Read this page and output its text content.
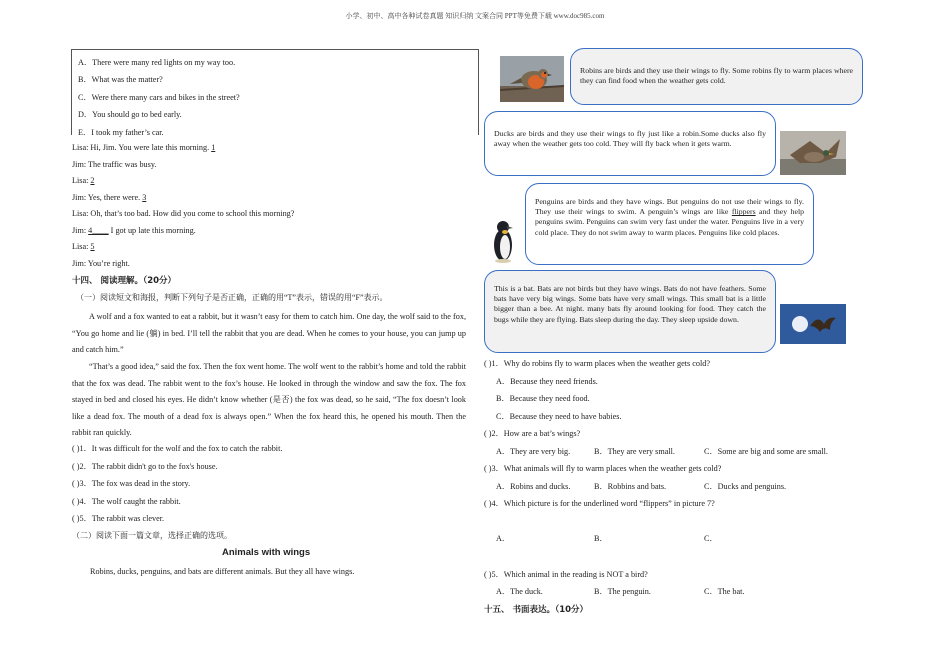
小学、初中、高中各种试卷真题 知识归纳 文案合同 PPT等免费下载 www.doc985.com
A．There were many red lights on my way too.
B．What was the matter?
C．Were there many cars and bikes in the street?
D．You should go to bed early.
E．I took my father’s car.
Lisa: Hi, Jim. You were late this morning. 1
Jim: The traffic was busy.
Lisa: 2
Jim: Yes, there were. 3
Lisa: Oh, that’s too bad. How did you come to school this morning?
Jim: 4____ I got up late this morning.
Lisa: 5
Jim: You’re right.
十四、 阅读理解。（20分）
（一）阅读短文和海报，判断下列句子是否正确，正确的用“T”表示，错误的用“F”表示。
A wolf and a fox wanted to eat a rabbit, but it wasn’t easy for them to catch him. One day, the wolf said to the fox, “You go home and lie (躺) in bed. I’ll tell the rabbit that you are dead. When he comes to your house, you can jump up and catch him.”
“That’s a good idea,” said the fox. Then the fox went home. The wolf went to the rabbit’s home and told the rabbit that the fox was dead. The rabbit went to the fox’s house. He looked in through the window and saw the fox. The fox stayed in bed and closed his eyes. He didn’t know whether (是否) the fox was dead, so he said, “The fox doesn’t look like a dead fox. The mouth of a dead fox is always open.” When the fox heard this, he opened his mouth. Then the rabbit ran quickly.
( )1．It was difficult for the wolf and the fox to catch the rabbit.
( )2．The rabbit didn't go to the fox's house.
( )3．The fox was dead in the story.
( )4．The wolf caught the rabbit.
( )5．The rabbit was clever.
（二）阅读下面一篇文章，选择正确的选项。
Animals with wings
Robins, ducks, penguins, and bats are different animals. But they all have wings.
Robins are birds and they use their wings to fly. Some robins fly to warm places where they can find food when the weather gets cold.
Ducks are birds and they use their wings to fly just like a robin.Some ducks also fly away when the weather gets too cold. They will fly back when it gets warm.
Penguins are birds and they have wings. But penguins do not use their wings to fly. They use their wings to swim. A penguin’s wings are like flippers and they help penguins swim. Penguins can swim very fast under the water. Penguins live in a very cold place. They do not swim away to warm places. Penguins like cold places.
This is a bat. Bats are not birds but they have wings. Bats do not have feathers. Some bats have very big wings. Some bats have very small wings. This small bat is a little bigger than a bee. At night. many bats fly around looking for food. They catch the bugs while they are flying. Bats sleep during the day. They sleep upside down.
( )1．Why do robins fly to warm places when the weather gets cold?
A．Because they need friends.
B．Because they need food.
C．Because they need to have babies.
( )2．How are a bat’s wings?
A．They are very big.	B．They are very small.	C．Some are big and some are small.
( )3．What animals will fly to warm places when the weather gets cold?
A．Robins and ducks.	B．Robbins and bats.	C．Ducks and penguins.
( )4．Which picture is for the underlined word “flippers” in picture 7?
A．	B．	C．
( )5．Which animal in the reading is NOT a bird?
A．The duck.	B．The penguin.	C．The bat.
十五、 书面表达。（10分）
